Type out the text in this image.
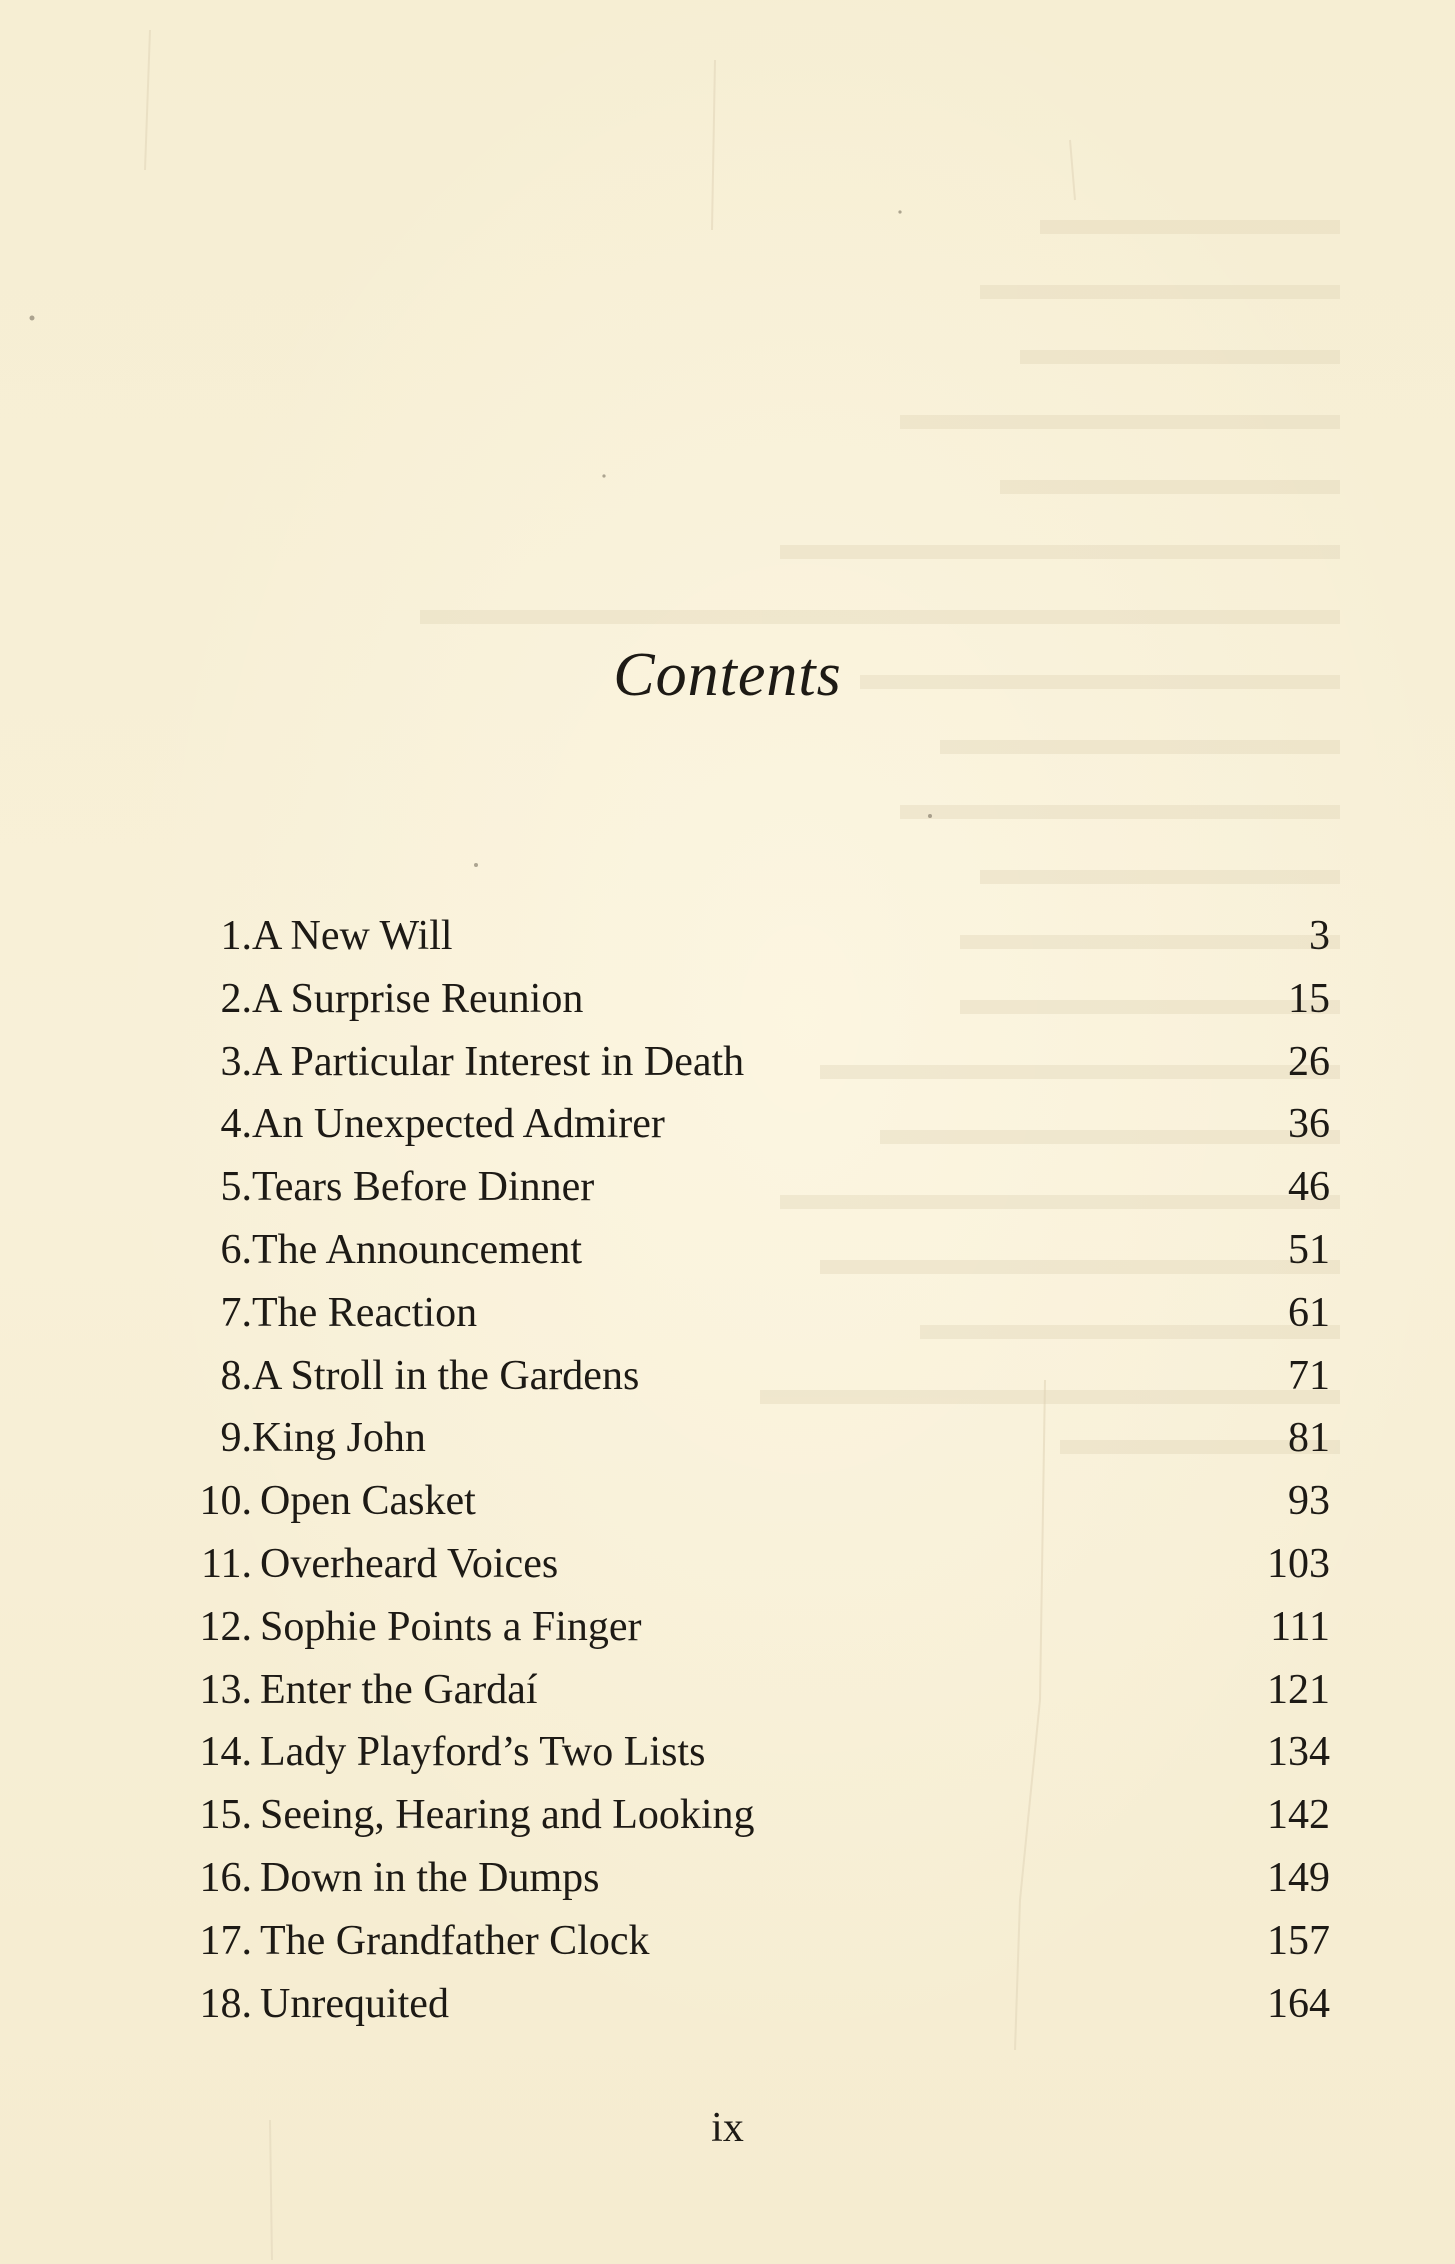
Contents
1. A New Will	3
2. A Surprise Reunion	15
3. A Particular Interest in Death	26
4. An Unexpected Admirer	36
5. Tears Before Dinner	46
6. The Announcement	51
7. The Reaction	61
8. A Stroll in the Gardens	71
9. King John	81
10. Open Casket	93
11. Overheard Voices	103
12. Sophie Points a Finger	111
13. Enter the Gardaí	121
14. Lady Playford’s Two Lists	134
15. Seeing, Hearing and Looking	142
16. Down in the Dumps	149
17. The Grandfather Clock	157
18. Unrequited	164
ix
